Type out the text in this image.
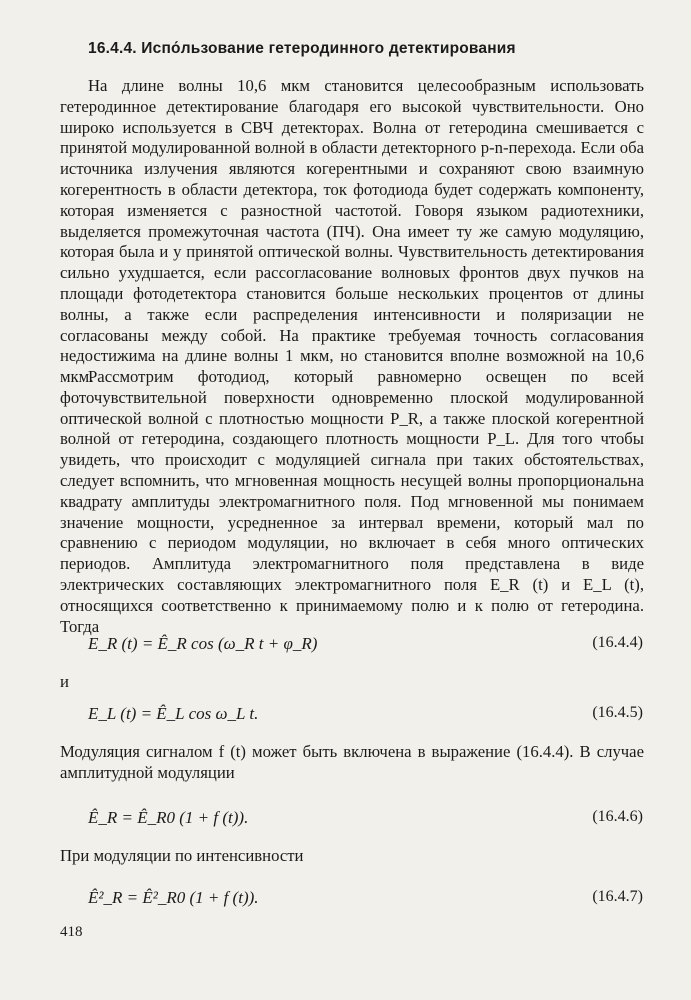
16.4.4. Испо́льзование гетеродинного детектирования

На длине волны 10,6 мкм становится целесообразным использовать гетеродинное детектирование благодаря его высокой чувствительности. Оно широко используется в СВЧ детекторах. Волна от гетеродина смешивается с принятой модулированной волной в области детекторного p-n-перехода. Если оба источника излучения являются когерентными и сохраняют свою взаимную когерентность в области детектора, ток фотодиода будет содержать компоненту, которая изменяется с разностной частотой. Говоря языком радиотехники, выделяется промежуточная частота (ПЧ). Она имеет ту же самую модуляцию, которая была и у принятой оптической волны. Чувствительность детектирования сильно ухудшается, если рассогласование волновых фронтов двух пучков на площади фотодетектора становится больше нескольких процентов от длины волны, а также если распределения интенсивности и поляризации не согласованы между собой. На практике требуемая точность согласования недостижима на длине волны 1 мкм, но становится вполне возможной на 10,6 мкм.

Рассмотрим фотодиод, который равномерно освещен по всей фоточувствительной поверхности одновременно плоской модулированной оптической волной с плотностью мощности P_R, а также плоской когерентной волной от гетеродина, создающего плотность мощности P_L. Для того чтобы увидеть, что происходит с модуляцией сигнала при таких обстоятельствах, следует вспомнить, что мгновенная мощность несущей волны пропорциональна квадрату амплитуды электромагнитного поля. Под мгновенной мы понимаем значение мощности, усредненное за интервал времени, который мал по сравнению с периодом модуляции, но включает в себя много оптических периодов. Амплитуда электромагнитного поля представлена в виде электрических составляющих электромагнитного поля E_R (t) и E_L (t), относящихся соответственно к принимаемому полю и к полю от гетеродина. Тогда

E_R (t) = Ê_R cos (ω_R t + φ_R)	(16.4.4)
и
E_L (t) = Ê_L cos ω_L t.	(16.4.5)

Модуляция сигналом f (t) может быть включена в выражение (16.4.4). В случае амплитудной модуляции

Ê_R = Ê_R0 (1 + f (t)).	(16.4.6)

При модуляции по интенсивности

Ê²_R = Ê²_R0 (1 + f (t)).	(16.4.7)
418
